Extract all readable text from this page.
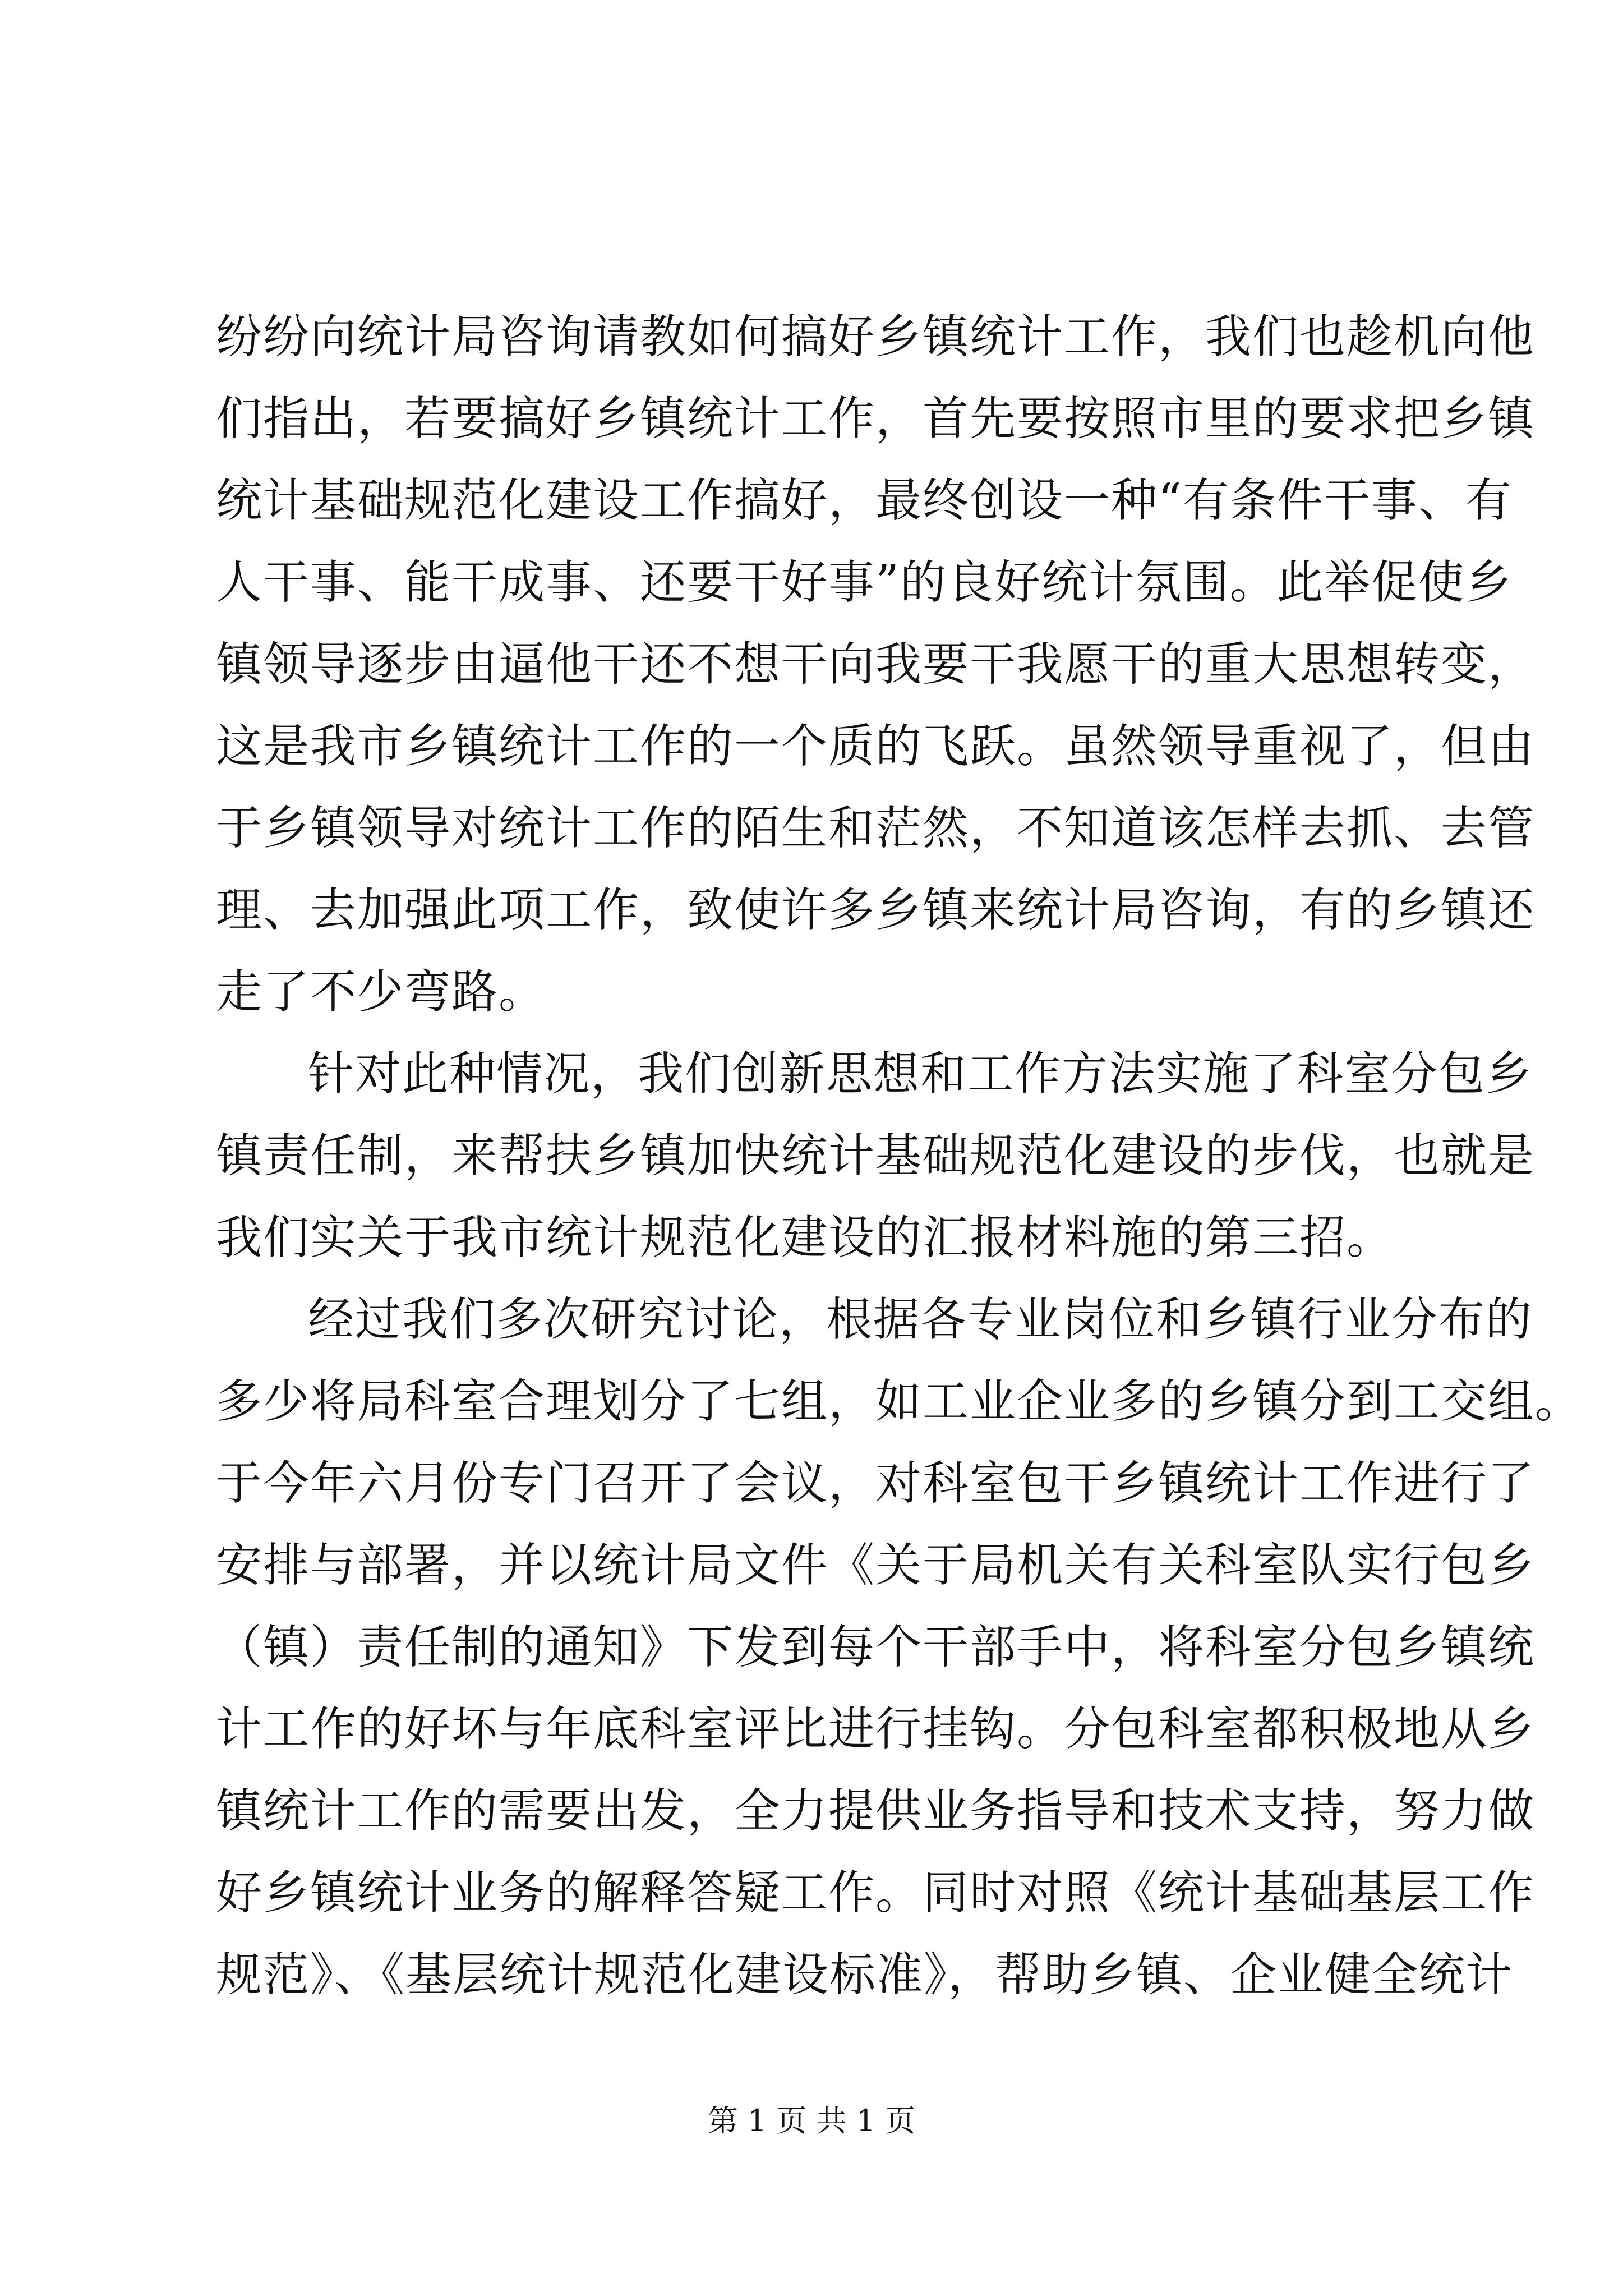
纷纷向统计局咨询请教如何搞好乡镇统计工作，我们也趁机向他
们指出，若要搞好乡镇统计工作，首先要按照市里的要求把乡镇
统计基础规范化建设工作搞好，最终创设一种“有条件干事、有
人干事、能干成事、还要干好事”的良好统计氛围。此举促使乡
镇领导逐步由逼他干还不想干向我要干我愿干的重大思想转变，
这是我市乡镇统计工作的一个质的飞跃。虽然领导重视了，但由
于乡镇领导对统计工作的陌生和茫然，不知道该怎样去抓、去管
理、去加强此项工作，致使许多乡镇来统计局咨询，有的乡镇还
走了不少弯路。
针对此种情况，我们创新思想和工作方法实施了科室分包乡
镇责任制，来帮扶乡镇加快统计基础规范化建设的步伐，也就是
我们实关于我市统计规范化建设的汇报材料施的第三招。
经过我们多次研究讨论，根据各专业岗位和乡镇行业分布的
多少将局科室合理划分了七组，如工业企业多的乡镇分到工交组。
于今年六月份专门召开了会议，对科室包干乡镇统计工作进行了
安排与部署，并以统计局文件《关于局机关有关科室队实行包乡
（镇）责任制的通知》下发到每个干部手中，将科室分包乡镇统
计工作的好坏与年底科室评比进行挂钩。分包科室都积极地从乡
镇统计工作的需要出发，全力提供业务指导和技术支持，努力做
好乡镇统计业务的解释答疑工作。同时对照《统计基础基层工作
规范》、《基层统计规范化建设标准》，帮助乡镇、企业健全统计
第 1 页 共 1 页
